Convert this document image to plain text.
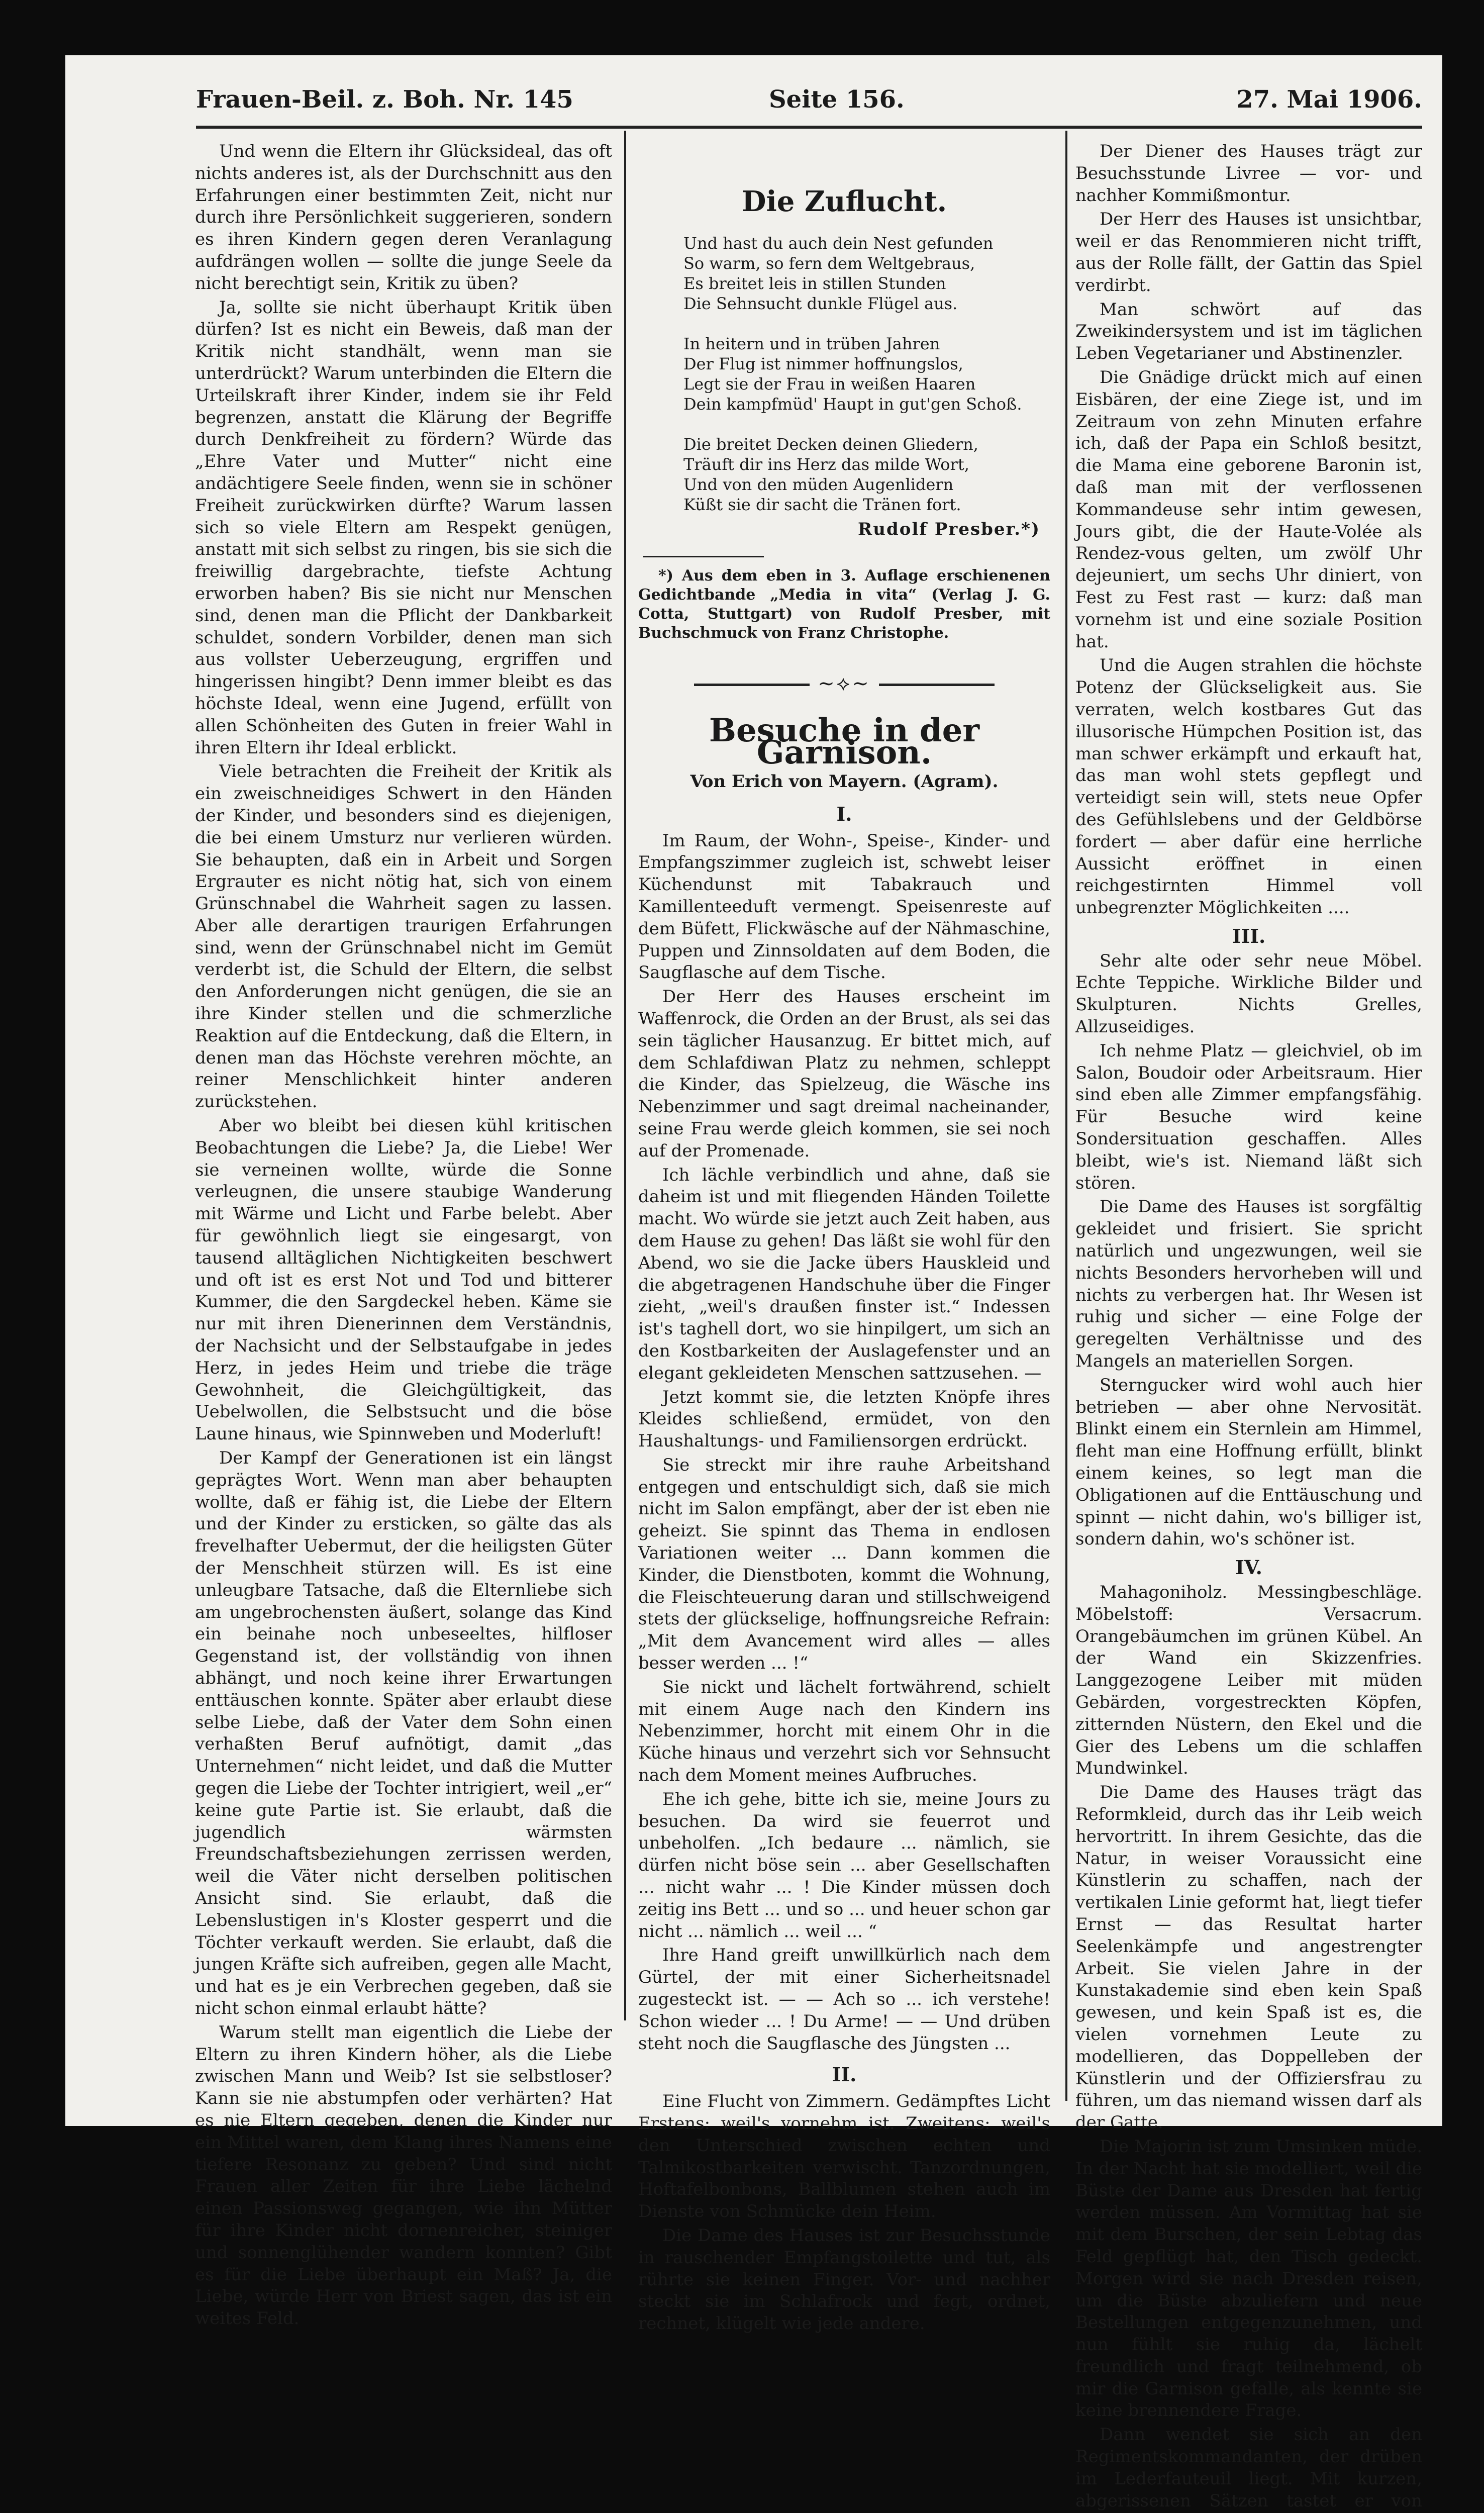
Frauen-Beil. z. Boh. Nr. 145	Seite 156.	27. Mai 1906.

Und wenn die Eltern ihr Glücksideal, das oft nichts anderes ist, als der Durchschnitt aus den Erfahrungen einer bestimmten Zeit, nicht nur durch ihre Persönlichkeit suggerieren, sondern es ihren Kindern gegen deren Veranlagung aufdrängen wollen — sollte die junge Seele da nicht berechtigt sein, Kritik zu üben?

Ja, sollte sie nicht überhaupt Kritik üben dürfen? Ist es nicht ein Beweis, daß man der Kritik nicht standhält, wenn man sie unterdrückt? Warum unterbinden die Eltern die Urteilskraft ihrer Kinder, indem sie ihr Feld begrenzen, anstatt die Klärung der Begriffe durch Denkfreiheit zu fördern? Würde das „Ehre Vater und Mutter“ nicht eine andächtigere Seele finden, wenn sie in schöner Freiheit zurückwirken dürfte? Warum lassen sich so viele Eltern am Respekt genügen, anstatt mit sich selbst zu ringen, bis sie sich die freiwillig dargebrachte, tiefste Achtung erworben haben? Bis sie nicht nur Menschen sind, denen man die Pflicht der Dankbarkeit schuldet, sondern Vorbilder, denen man sich aus vollster Ueberzeugung, ergriffen und hingerissen hingibt? Denn immer bleibt es das höchste Ideal, wenn eine Jugend, erfüllt von allen Schönheiten des Guten in freier Wahl in ihren Eltern ihr Ideal erblickt.

Viele betrachten die Freiheit der Kritik als ein zweischneidiges Schwert in den Händen der Kinder, und besonders sind es diejenigen, die bei einem Umsturz nur verlieren würden. Sie behaupten, daß ein in Arbeit und Sorgen Ergrauter es nicht nötig hat, sich von einem Grünschnabel die Wahrheit sagen zu lassen. Aber alle derartigen traurigen Erfahrungen sind, wenn der Grünschnabel nicht im Gemüt verderbt ist, die Schuld der Eltern, die selbst den Anforderungen nicht genügen, die sie an ihre Kinder stellen und die schmerzliche Reaktion auf die Entdeckung, daß die Eltern, in denen man das Höchste verehren möchte, an reiner Menschlichkeit hinter anderen zurückstehen.

Aber wo bleibt bei diesen kühl kritischen Beobachtungen die Liebe? Ja, die Liebe! Wer sie verneinen wollte, würde die Sonne verleugnen, die unsere staubige Wanderung mit Wärme und Licht und Farbe belebt. Aber für gewöhnlich liegt sie eingesargt, von tausend alltäglichen Nichtigkeiten beschwert und oft ist es erst Not und Tod und bitterer Kummer, die den Sargdeckel heben. Käme sie nur mit ihren Dienerinnen dem Verständnis, der Nachsicht und der Selbstaufgabe in jedes Herz, in jedes Heim und triebe die träge Gewohnheit, die Gleichgültigkeit, das Uebelwollen, die Selbstsucht und die böse Laune hinaus, wie Spinnweben und Moderluft!

Der Kampf der Generationen ist ein längst geprägtes Wort. Wenn man aber behaupten wollte, daß er fähig ist, die Liebe der Eltern und der Kinder zu ersticken, so gälte das als frevelhafter Uebermut, der die heiligsten Güter der Menschheit stürzen will. Es ist eine unleugbare Tatsache, daß die Elternliebe sich am ungebrochensten äußert, solange das Kind ein beinahe noch unbeseeltes, hilfloser Gegenstand ist, der vollständig von ihnen abhängt, und noch keine ihrer Erwartungen enttäuschen konnte. Später aber erlaubt diese selbe Liebe, daß der Vater dem Sohn einen verhaßten Beruf aufnötigt, damit „das Unternehmen“ nicht leidet, und daß die Mutter gegen die Liebe der Tochter intrigiert, weil „er“ keine gute Partie ist. Sie erlaubt, daß die jugendlich wärmsten Freundschaftsbeziehungen zerrissen werden, weil die Väter nicht derselben politischen Ansicht sind. Sie erlaubt, daß die Lebenslustigen in's Kloster gesperrt und die Töchter verkauft werden. Sie erlaubt, daß die jungen Kräfte sich aufreiben, gegen alle Macht, und hat es je ein Verbrechen gegeben, daß sie nicht schon einmal erlaubt hätte?

Warum stellt man eigentlich die Liebe der Eltern zu ihren Kindern höher, als die Liebe zwischen Mann und Weib? Ist sie selbstloser? Kann sie nie abstumpfen oder verhärten? Hat es nie Eltern gegeben, denen die Kinder nur ein Mittel waren, dem Klang ihres Namens eine tiefere Resonanz zu geben? Und sind nicht Frauen aller Zeiten für ihre Liebe lächelnd einen Passionsweg gegangen, wie ihn Mütter für ihre Kinder nicht dornenreicher, steiniger und sonnenglühender wandern konnten? Gibt es für die Liebe überhaupt ein Maß? Ja, die Liebe, würde Herr von Briest sagen, das ist ein weites Feld.

Die Zuflucht.
Und hast du auch dein Nest gefunden
So warm, so fern dem Weltgebraus,
Es breitet leis in stillen Stunden
Die Sehnsucht dunkle Flügel aus.
In heitern und in trüben Jahren
Der Flug ist nimmer hoffnungslos,
Legt sie der Frau in weißen Haaren
Dein kampfmüd' Haupt in gut'gen Schoß.
Die breitet Decken deinen Gliedern,
Träuft dir ins Herz das milde Wort,
Und von den müden Augenlidern
Küßt sie dir sacht die Tränen fort.
Rudolf Presber.*)

*) Aus dem eben in 3. Auflage erschienenen Gedichtbande „Media in vita“ (Verlag J. G. Cotta, Stuttgart) von Rudolf Presber, mit Buchschmuck von Franz Christophe.

~⟡~
Besuche in der Garnison.
Von Erich von Mayern. (Agram).
I.

Im Raum, der Wohn-, Speise-, Kinder- und Empfangszimmer zugleich ist, schwebt leiser Küchendunst mit Tabakrauch und Kamillenteeduft vermengt. Speisenreste auf dem Büfett, Flickwäsche auf der Nähmaschine, Puppen und Zinnsoldaten auf dem Boden, die Saugflasche auf dem Tische.

Der Herr des Hauses erscheint im Waffenrock, die Orden an der Brust, als sei das sein täglicher Hausanzug. Er bittet mich, auf dem Schlafdiwan Platz zu nehmen, schleppt die Kinder, das Spielzeug, die Wäsche ins Nebenzimmer und sagt dreimal nacheinander, seine Frau werde gleich kommen, sie sei noch auf der Promenade.

Ich lächle verbindlich und ahne, daß sie daheim ist und mit fliegenden Händen Toilette macht. Wo würde sie jetzt auch Zeit haben, aus dem Hause zu gehen! Das läßt sie wohl für den Abend, wo sie die Jacke übers Hauskleid und die abgetragenen Handschuhe über die Finger zieht, „weil's draußen finster ist.“ Indessen ist's taghell dort, wo sie hinpilgert, um sich an den Kostbarkeiten der Auslagefenster und an elegant gekleideten Menschen sattzusehen. —

Jetzt kommt sie, die letzten Knöpfe ihres Kleides schließend, ermüdet, von den Haushaltungs- und Familiensorgen erdrückt.

Sie streckt mir ihre rauhe Arbeitshand entgegen und entschuldigt sich, daß sie mich nicht im Salon empfängt, aber der ist eben nie geheizt. Sie spinnt das Thema in endlosen Variationen weiter ... Dann kommen die Kinder, die Dienstboten, kommt die Wohnung, die Fleischteuerung daran und stillschweigend stets der glückselige, hoffnungsreiche Refrain: „Mit dem Avancement wird alles — alles besser werden ... !“

Sie nickt und lächelt fortwährend, schielt mit einem Auge nach den Kindern ins Nebenzimmer, horcht mit einem Ohr in die Küche hinaus und verzehrt sich vor Sehnsucht nach dem Moment meines Aufbruches.

Ehe ich gehe, bitte ich sie, meine Jours zu besuchen. Da wird sie feuerrot und unbeholfen. „Ich bedaure ... nämlich, sie dürfen nicht böse sein ... aber Gesellschaften ... nicht wahr ... ! Die Kinder müssen doch zeitig ins Bett ... und so ... und heuer schon gar nicht ... nämlich ... weil ... “

Ihre Hand greift unwillkürlich nach dem Gürtel, der mit einer Sicherheitsnadel zugesteckt ist. — — Ach so ... ich verstehe! Schon wieder ... ! Du Arme! — — Und drüben steht noch die Saugflasche des Jüngsten ...

II.

Eine Flucht von Zimmern. Gedämpftes Licht Erstens: weil's vornehm ist. Zweitens: weil's den Unterschied zwischen echten und Talmikostbarkeiten verwischt. Tanzordnungen, Hoftafelbonbons, Ballblumen stehen auch im Dienste von Schmücke dein Heim.

Die Dame des Hauses ist zur Besuchsstunde in rauschender Empfangstoilette und tut, als rührte sie keinen Finger. Vor- und nachher steckt sie im Schlafrock und fegt, ordnet, rechnet, klügelt wie jede andere.

Der Diener des Hauses trägt zur Besuchsstunde Livree — vor- und nachher Kommißmontur.

Der Herr des Hauses ist unsichtbar, weil er das Renommieren nicht trifft, aus der Rolle fällt, der Gattin das Spiel verdirbt.

Man schwört auf das Zweikindersystem und ist im täglichen Leben Vegetarianer und Abstinenzler.

Die Gnädige drückt mich auf einen Eisbären, der eine Ziege ist, und im Zeitraum von zehn Minuten erfahre ich, daß der Papa ein Schloß besitzt, die Mama eine geborene Baronin ist, daß man mit der verflossenen Kommandeuse sehr intim gewesen, Jours gibt, die der Haute-Volée als Rendez-vous gelten, um zwölf Uhr dejeuniert, um sechs Uhr diniert, von Fest zu Fest rast — kurz: daß man vornehm ist und eine soziale Position hat.

Und die Augen strahlen die höchste Potenz der Glückseligkeit aus. Sie verraten, welch kostbares Gut das illusorische Hümpchen Position ist, das man schwer erkämpft und erkauft hat, das man wohl stets gepflegt und verteidigt sein will, stets neue Opfer des Gefühlslebens und der Geldbörse fordert — aber dafür eine herrliche Aussicht eröffnet in einen reichgestirnten Himmel voll unbegrenzter Möglichkeiten ....

III.

Sehr alte oder sehr neue Möbel. Echte Teppiche. Wirkliche Bilder und Skulpturen. Nichts Grelles, Allzuseidiges.

Ich nehme Platz — gleichviel, ob im Salon, Boudoir oder Arbeitsraum. Hier sind eben alle Zimmer empfangsfähig. Für Besuche wird keine Sondersituation geschaffen. Alles bleibt, wie's ist. Niemand läßt sich stören.

Die Dame des Hauses ist sorgfältig gekleidet und frisiert. Sie spricht natürlich und ungezwungen, weil sie nichts Besonders hervorheben will und nichts zu verbergen hat. Ihr Wesen ist ruhig und sicher — eine Folge der geregelten Verhältnisse und des Mangels an materiellen Sorgen.

Sterngucker wird wohl auch hier betrieben — aber ohne Nervosität. Blinkt einem ein Sternlein am Himmel, fleht man eine Hoffnung erfüllt, blinkt einem keines, so legt man die Obligationen auf die Enttäuschung und spinnt — nicht dahin, wo's billiger ist, sondern dahin, wo's schöner ist.

IV.

Mahagoniholz. Messingbeschläge. Möbelstoff: Versacrum. Orangebäumchen im grünen Kübel. An der Wand ein Skizzenfries. Langgezogene Leiber mit müden Gebärden, vorgestreckten Köpfen, zitternden Nüstern, den Ekel und die Gier des Lebens um die schlaffen Mundwinkel.

Die Dame des Hauses trägt das Reformkleid, durch das ihr Leib weich hervortritt. In ihrem Gesichte, das die Natur, in weiser Voraussicht eine Künstlerin zu schaffen, nach der vertikalen Linie geformt hat, liegt tiefer Ernst — das Resultat harter Seelenkämpfe und angestrengter Arbeit. Sie vielen Jahre in der Kunstakademie sind eben kein Spaß gewesen, und kein Spaß ist es, die vielen vornehmen Leute zu modellieren, das Doppelleben der Künstlerin und der Offiziersfrau zu führen, um das niemand wissen darf als der Gatte.

Die Majorin ist zum Umsinken müde. In der Nacht hat sie modelliert, weil die Büste der Dame aus Dresden hat fertig werden müssen. Am Vormittag hat sie mit dem Burschen, der sein Lebtag das Feld gepflügt hat, den Tisch gedeckt. Morgen wird sie nach Dresden reisen, um die Büste abzuliefern und neue Bestellungen entgegenzunehmen, und nun fühlt sie ruhig da, lächelt freundlich und fragt teilnehmend, ob mir die Garnison gefalle, als kennte sie keine brennendere Frage.

Dann wendet sie sich an den Regimentskommandanten, der drüben im Lederfauteuil liegt. Mit kurzen, abgerissenen Sätzen tastet er von
